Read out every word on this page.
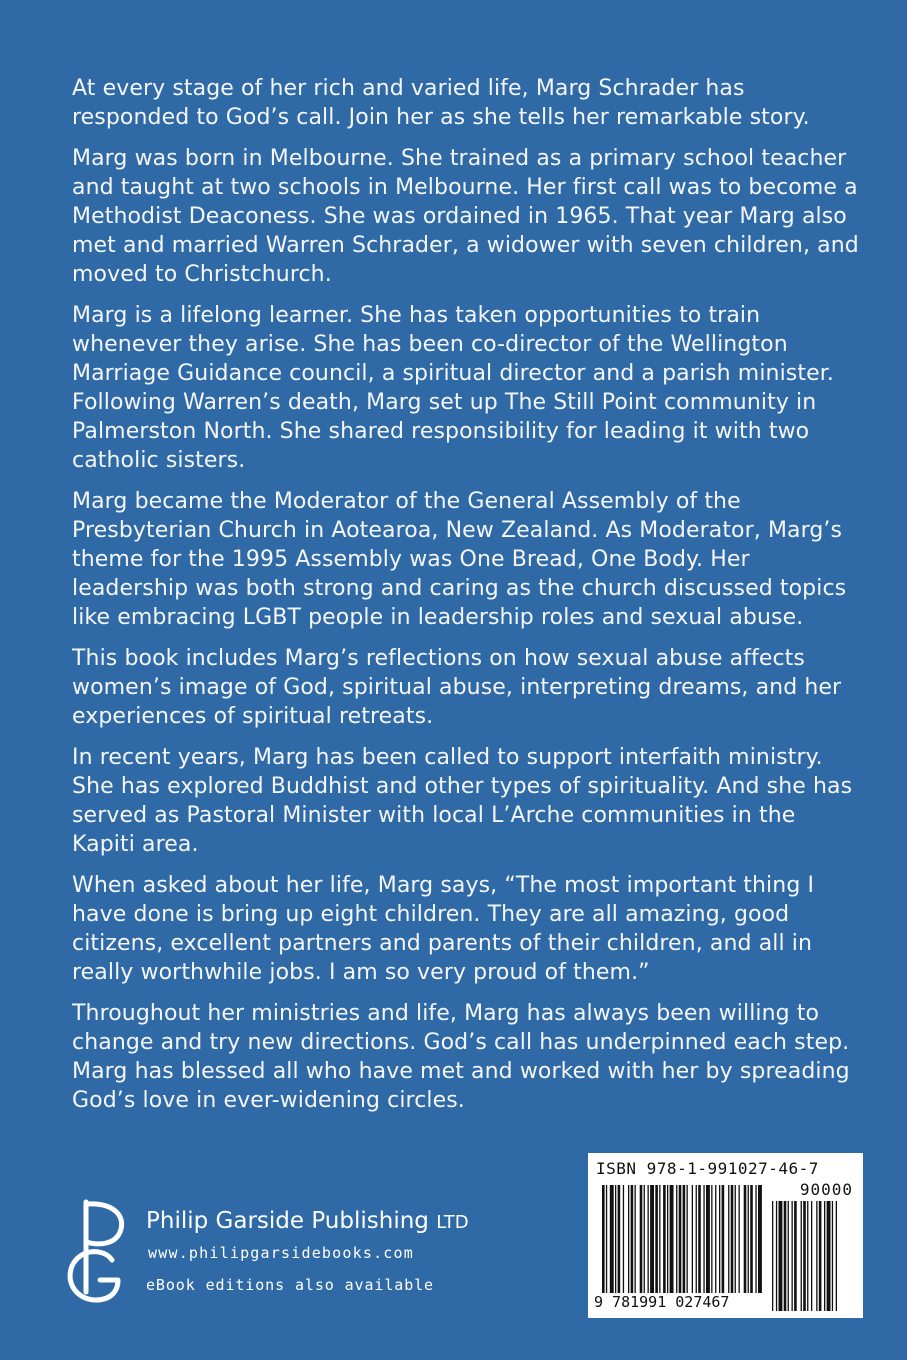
At every stage of her rich and varied life, Marg Schrader has responded to God’s call. Join her as she tells her remarkable story.

Marg was born in Melbourne. She trained as a primary school teacher and taught at two schools in Melbourne. Her first call was to become a Methodist Deaconess. She was ordained in 1965. That year Marg also met and married Warren Schrader, a widower with seven children, and moved to Christchurch.

Marg is a lifelong learner. She has taken opportunities to train whenever they arise. She has been co-director of the Wellington Marriage Guidance council, a spiritual director and a parish minister. Following Warren’s death, Marg set up The Still Point community in Palmerston North. She shared responsibility for leading it with two catholic sisters.

Marg became the Moderator of the General Assembly of the Presbyterian Church in Aotearoa, New Zealand. As Moderator, Marg’s theme for the 1995 Assembly was One Bread, One Body. Her leadership was both strong and caring as the church discussed topics like embracing LGBT people in leadership roles and sexual abuse.

This book includes Marg’s reflections on how sexual abuse affects women’s image of God, spiritual abuse, interpreting dreams, and her experiences of spiritual retreats.

In recent years, Marg has been called to support interfaith ministry. She has explored Buddhist and other types of spirituality. And she has served as Pastoral Minister with local L’Arche communities in the Kapiti area.

When asked about her life, Marg says, “The most important thing I have done is bring up eight children. They are all amazing, good citizens, excellent partners and parents of their children, and all in really worthwhile jobs. I am so very proud of them.”

Throughout her ministries and life, Marg has always been willing to change and try new directions. God’s call has underpinned each step. Marg has blessed all who have met and worked with her by spreading God’s love in ever-widening circles.

Philip Garside Publishing LTD
www.philipgarsidebooks.com
eBook editions also available
ISBN 978-1-991027-46-7
90000
9 781991 027467
